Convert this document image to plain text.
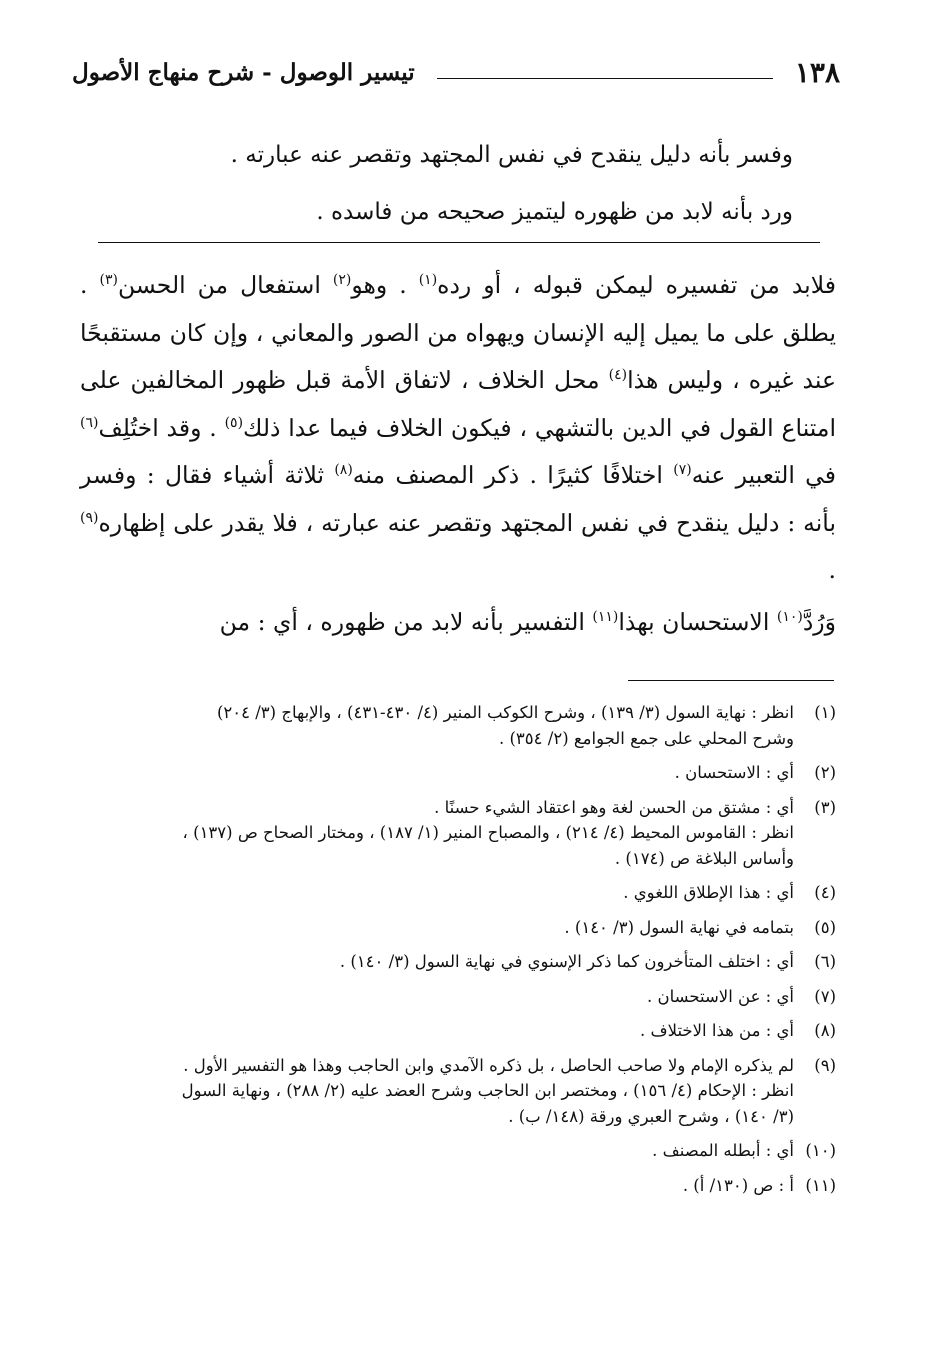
١٣٨
تيسير الوصول - شرح منهاج الأصول
وفسر بأنه دليل ينقدح في نفس المجتهد وتقصر عنه عبارته .
ورد بأنه لابد من ظهوره ليتميز صحيحه من فاسده .

فلابد من تفسيره ليمكن قبوله ، أو رده$^{(١)}$ . وهو$^{(٢)}$ استفعال من الحسن$^{(٣)}$ . يطلق على ما يميل إليه الإنسان ويهواه من الصور والمعاني ، وإن كان مستقبحًا عند غيره ، وليس هذا$^{(٤)}$ محل الخلاف ، لاتفاق الأمة قبل ظهور المخالفين على امتناع القول في الدين بالتشهي ، فيكون الخلاف فيما عدا ذلك$^{(٥)}$ . وقد اختُلِف$^{(٦)}$ في التعبير عنه$^{(٧)}$ اختلافًا كثيرًا . ذكر المصنف منه$^{(٨)}$ ثلاثة أشياء فقال : وفسر بأنه : دليل ينقدح في نفس المجتهد وتقصر عنه عبارته ، فلا يقدر على إظهاره$^{(٩)}$ .

وَرُدَّ$^{(١٠)}$ الاستحسان بهذا$^{(١١)}$ التفسير بأنه لابد من ظهوره ، أي : من

(١)
انظر : نهاية السول (٣/ ١٣٩) ، وشرح الكوكب المنير (٤/ ٤٣٠-٤٣١) ، والإبهاج (٣/ ٢٠٤)
وشرح المحلي على جمع الجوامع (٢/ ٣٥٤) .
(٢)
أي : الاستحسان .
(٣)
أي : مشتق من الحسن لغة وهو اعتقاد الشيء حسنًا .
انظر : القاموس المحيط (٤/ ٢١٤) ، والمصباح المنير (١/ ١٨٧) ، ومختار الصحاح ص (١٣٧) ،
وأساس البلاغة ص (١٧٤) .
(٤)
أي : هذا الإطلاق اللغوي .
(٥)
بتمامه في نهاية السول (٣/ ١٤٠) .
(٦)
أي : اختلف المتأخرون كما ذكر الإسنوي في نهاية السول (٣/ ١٤٠) .
(٧)
أي : عن الاستحسان .
(٨)
أي : من هذا الاختلاف .
(٩)
لم يذكره الإمام ولا صاحب الحاصل ، بل ذكره الآمدي وابن الحاجب وهذا هو التفسير الأول .
انظر : الإحكام (٤/ ١٥٦) ، ومختصر ابن الحاجب وشرح العضد عليه (٢/ ٢٨٨) ، ونهاية السول
(٣/ ١٤٠) ، وشرح العبري ورقة (١٤٨/ ب) .
(١٠)
أي : أبطله المصنف .
(١١)
أ : ص (١٣٠/ أ) .
